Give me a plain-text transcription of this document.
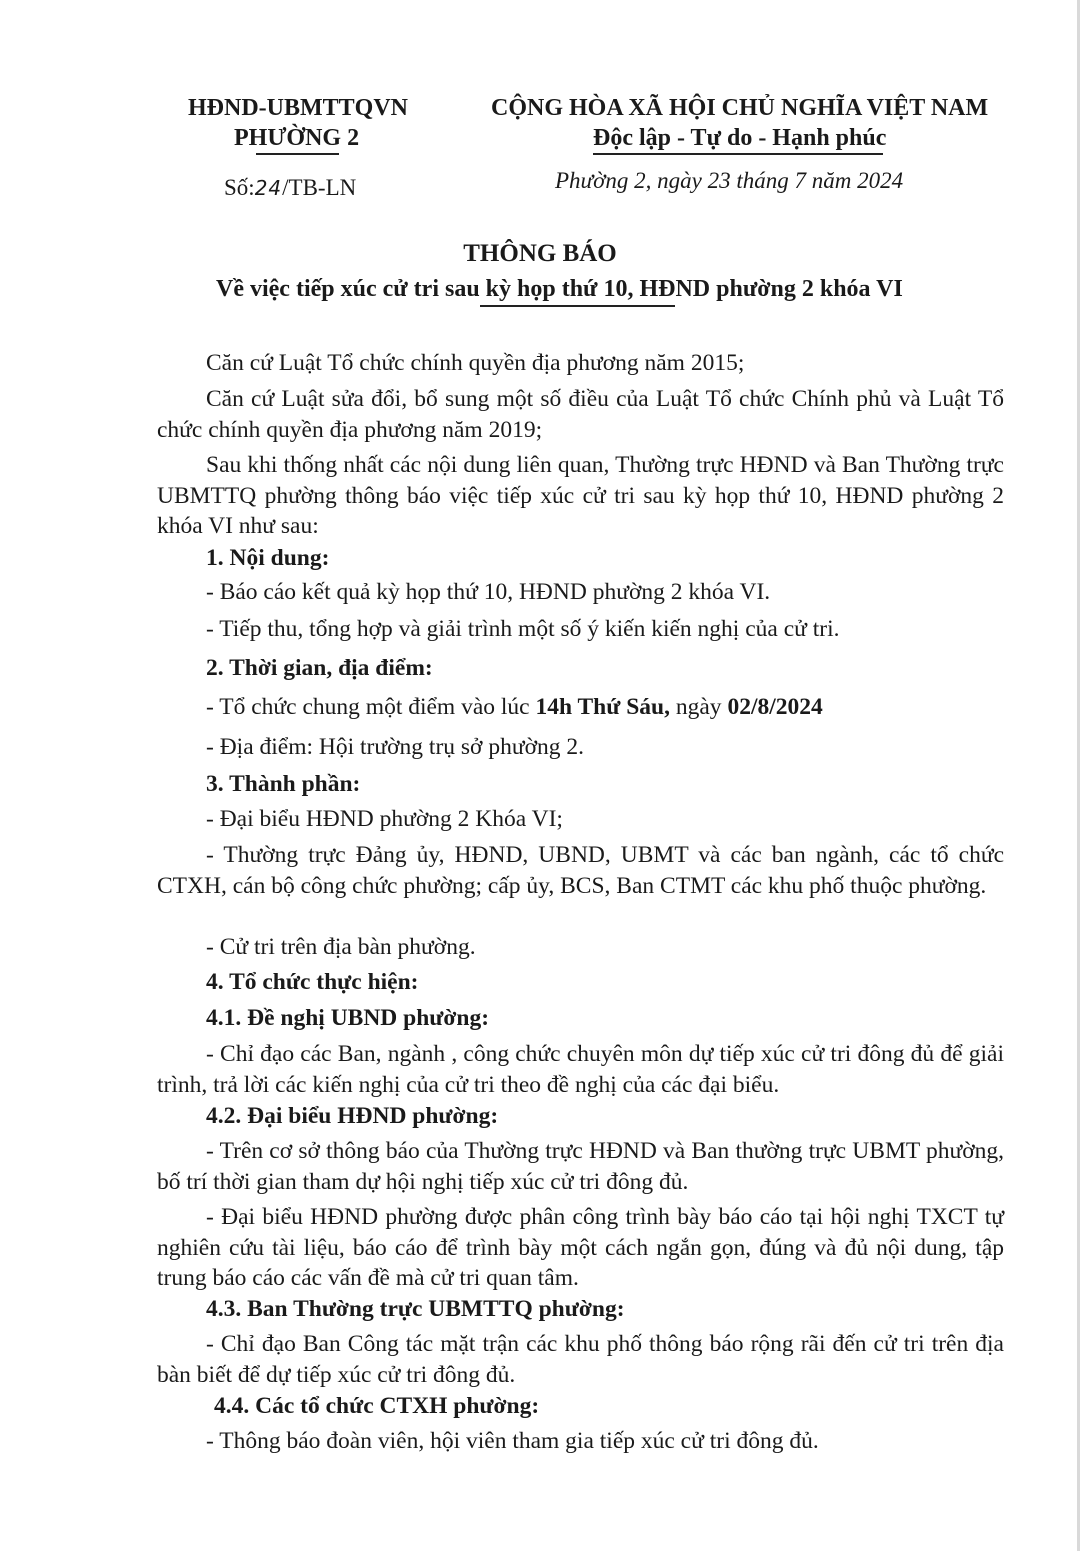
HĐND-UBMTTQVN
PHƯỜNG 2
Số:24/TB-LN
CỘNG HÒA XÃ HỘI CHỦ NGHĨA VIỆT NAM
Độc lập - Tự do - Hạnh phúc
Phường 2, ngày 23 tháng 7 năm 2024
THÔNG BÁO
Về việc tiếp xúc cử tri sau kỳ họp thứ 10, HĐND phường 2 khóa VI
Căn cứ Luật Tổ chức chính quyền địa phương năm 2015;
Căn cứ Luật sửa đổi, bổ sung một số điều của Luật Tổ chức Chính phủ và Luật Tổ chức chính quyền địa phương năm 2019;
Sau khi thống nhất các nội dung liên quan, Thường trực HĐND và Ban Thường trực UBMTTQ phường thông báo việc tiếp xúc cử tri sau kỳ họp thứ 10, HĐND phường 2 khóa VI như sau:
1. Nội dung:
- Báo cáo kết quả kỳ họp thứ 10, HĐND phường 2 khóa VI.
- Tiếp thu, tổng hợp và giải trình một số ý kiến kiến nghị của cử tri.
2. Thời gian, địa điểm:
- Tổ chức chung một điểm vào lúc 14h Thứ Sáu, ngày 02/8/2024
- Địa điểm: Hội trường trụ sở phường 2.
3. Thành phần:
- Đại biểu HĐND phường 2 Khóa VI;
- Thường trực Đảng ủy, HĐND, UBND, UBMT và các ban ngành, các tổ chức CTXH, cán bộ công chức phường; cấp ủy, BCS, Ban CTMT các khu phố thuộc phường.
- Cử tri trên địa bàn phường.
4. Tổ chức thực hiện:
4.1. Đề nghị UBND phường:
- Chỉ đạo các Ban, ngành , công chức chuyên môn dự tiếp xúc cử tri đông đủ để giải trình, trả lời các kiến nghị của cử tri theo đề nghị của các đại biểu.
4.2. Đại biểu HĐND phường:
- Trên cơ sở thông báo của Thường trực HĐND và Ban thường trực UBMT phường, bố trí thời gian tham dự hội nghị tiếp xúc cử tri đông đủ.
- Đại biểu HĐND phường được phân công trình bày báo cáo tại hội nghị TXCT tự nghiên cứu tài liệu, báo cáo để trình bày một cách ngắn gọn, đúng và đủ nội dung, tập trung báo cáo các vấn đề mà cử tri quan tâm.
4.3. Ban Thường trực UBMTTQ phường:
- Chỉ đạo Ban Công tác mặt trận các khu phố thông báo rộng rãi đến cử tri trên địa bàn biết để dự tiếp xúc cử tri đông đủ.
4.4. Các tổ chức CTXH phường:
- Thông báo đoàn viên, hội viên tham gia tiếp xúc cử tri đông đủ.
